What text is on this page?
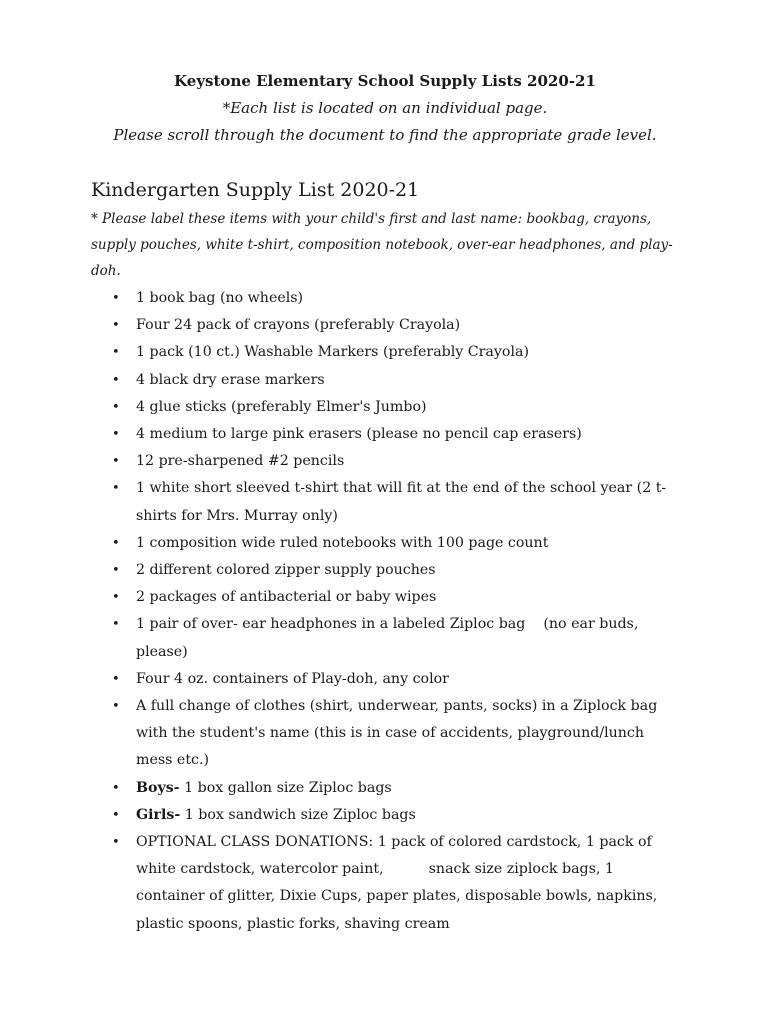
Keystone Elementary School Supply Lists 2020-21
*Each list is located on an individual page.
Please scroll through the document to find the appropriate grade level.
Kindergarten Supply List 2020-21
* Please label these items with your child's first and last name: bookbag, crayons, supply pouches, white t-shirt, composition notebook, over-ear headphones, and play-doh.
• 1 book bag (no wheels)
• Four 24 pack of crayons (preferably Crayola)
• 1 pack (10 ct.) Washable Markers (preferably Crayola)
• 4 black dry erase markers
• 4 glue sticks (preferably Elmer's Jumbo)
• 4 medium to large pink erasers (please no pencil cap erasers)
• 12 pre-sharpened #2 pencils
• 1 white short sleeved t-shirt that will fit at the end of the school year (2 t-shirts for Mrs. Murray only)
• 1 composition wide ruled notebooks with 100 page count
• 2 different colored zipper supply pouches
• 2 packages of antibacterial or baby wipes
• 1 pair of over- ear headphones in a labeled Ziploc bag    (no ear buds, please)
• Four 4 oz. containers of Play-doh, any color
• A full change of clothes (shirt, underwear, pants, socks) in a Ziplock bag with the student's name (this is in case of accidents, playground/lunch mess etc.)
• Boys- 1 box gallon size Ziploc bags
• Girls- 1 box sandwich size Ziploc bags
• OPTIONAL CLASS DONATIONS: 1 pack of colored cardstock, 1 pack of white cardstock, watercolor paint,          snack size ziplock bags, 1 container of glitter, Dixie Cups, paper plates, disposable bowls, napkins, plastic spoons, plastic forks, shaving cream
